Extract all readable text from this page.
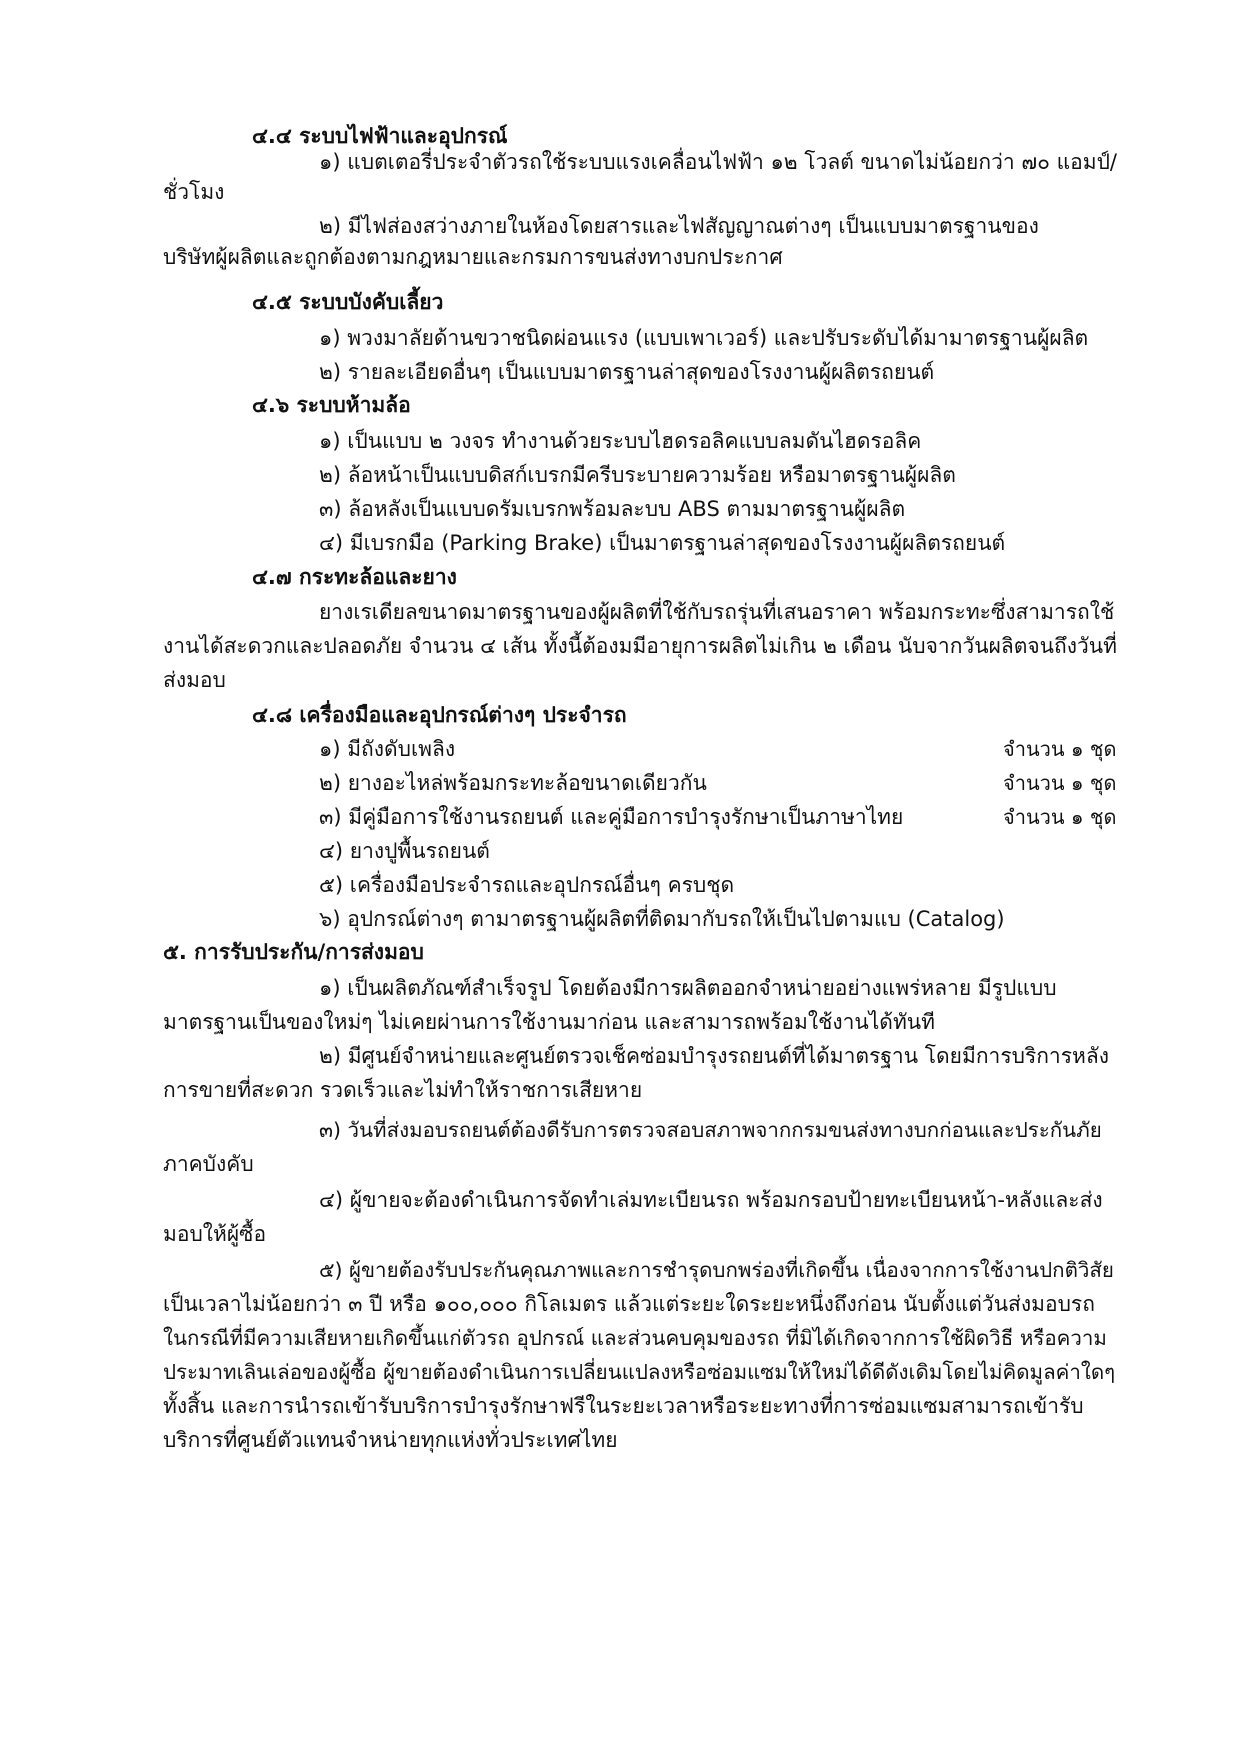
๔.๔ ระบบไฟฟ้าและอุปกรณ์
๑) แบตเตอรี่ประจำตัวรถใช้ระบบแรงเคลื่อนไฟฟ้า ๑๒ โวลต์ ขนาดไม่น้อยกว่า ๗๐ แอมป์/
ชั่วโมง
๒) มีไฟส่องสว่างภายในห้องโดยสารและไฟสัญญาณต่างๆ เป็นแบบมาตรฐานของ
บริษัทผู้ผลิตและถูกต้องตามกฎหมายและกรมการขนส่งทางบกประกาศ
๔.๕ ระบบบังคับเลี้ยว
๑) พวงมาลัยด้านขวาชนิดผ่อนแรง (แบบเพาเวอร์) และปรับระดับได้มามาตรฐานผู้ผลิต
๒) รายละเอียดอื่นๆ เป็นแบบมาตรฐานล่าสุดของโรงงานผู้ผลิตรถยนต์
๔.๖ ระบบห้ามล้อ
๑) เป็นแบบ ๒ วงจร ทำงานด้วยระบบไฮดรอลิคแบบลมดันไฮดรอลิค
๒) ล้อหน้าเป็นแบบดิสก์เบรกมีครีบระบายความร้อย หรือมาตรฐานผู้ผลิต
๓) ล้อหลังเป็นแบบดรัมเบรกพร้อมละบบ ABS ตามมาตรฐานผู้ผลิต
๔) มีเบรกมือ (Parking Brake) เป็นมาตรฐานล่าสุดของโรงงานผู้ผลิตรถยนต์
๔.๗ กระทะล้อและยาง
ยางเรเดียลขนาดมาตรฐานของผู้ผลิตที่ใช้กับรถรุ่นที่เสนอราคา พร้อมกระทะซึ่งสามารถใช้
งานได้สะดวกและปลอดภัย จำนวน ๔ เส้น ทั้งนี้ต้องมมีอายุการผลิตไม่เกิน ๒ เดือน นับจากวันผลิตจนถึงวันที่
ส่งมอบ
๔.๘ เครื่องมือและอุปกรณ์ต่างๆ ประจำรถ
๑) มีถังดับเพลิง	จำนวน ๑ ชุด
๒) ยางอะไหล่พร้อมกระทะล้อขนาดเดียวกัน	จำนวน ๑ ชุด
๓) มีคู่มือการใช้งานรถยนต์ และคู่มือการบำรุงรักษาเป็นภาษาไทย	จำนวน ๑ ชุด
๔) ยางปูพื้นรถยนต์
๕) เครื่องมือประจำรถและอุปกรณ์อื่นๆ ครบชุด
๖) อุปกรณ์ต่างๆ ตามาตรฐานผู้ผลิตที่ติดมากับรถให้เป็นไปตามแบ (Catalog)
๕. การรับประกัน/การส่งมอบ
๑) เป็นผลิตภัณฑ์สำเร็จรูป โดยต้องมีการผลิตออกจำหน่ายอย่างแพร่หลาย มีรูปแบบ
มาตรฐานเป็นของใหม่ๆ ไม่เคยผ่านการใช้งานมาก่อน และสามารถพร้อมใช้งานได้ทันที
๒) มีศูนย์จำหน่ายและศูนย์ตรวจเช็คซ่อมบำรุงรถยนต์ที่ได้มาตรฐาน โดยมีการบริการหลัง
การขายที่สะดวก รวดเร็วและไม่ทำให้ราชการเสียหาย
๓) วันที่ส่งมอบรถยนต์ต้องดีรับการตรวจสอบสภาพจากกรมขนส่งทางบกก่อนและประกันภัย
ภาคบังคับ
๔) ผู้ขายจะต้องดำเนินการจัดทำเล่มทะเบียนรถ พร้อมกรอบป้ายทะเบียนหน้า-หลังและส่ง
มอบให้ผู้ซื้อ
๕) ผู้ขายต้องรับประกันคุณภาพและการชำรุดบกพร่องที่เกิดขึ้น เนื่องจากการใช้งานปกติวิสัย
เป็นเวลาไม่น้อยกว่า ๓ ปี หรือ ๑๐๐,๐๐๐ กิโลเมตร แล้วแต่ระยะใดระยะหนึ่งถึงก่อน นับตั้งแต่วันส่งมอบรถ
ในกรณีที่มีความเสียหายเกิดขึ้นแก่ตัวรถ อุปกรณ์ และส่วนคบคุมของรถ ที่มิได้เกิดจากการใช้ผิดวิธี หรือความ
ประมาทเลินเล่อของผู้ซื้อ ผู้ขายต้องดำเนินการเปลี่ยนแปลงหรือซ่อมแซมให้ใหม่ได้ดีดังเดิมโดยไม่คิดมูลค่าใดๆ
ทั้งสิ้น และการนำรถเข้ารับบริการบำรุงรักษาฟรีในระยะเวลาหรือระยะทางที่การซ่อมแซมสามารถเข้ารับ
บริการที่ศูนย์ตัวแทนจำหน่ายทุกแห่งทั่วประเทศไทย
